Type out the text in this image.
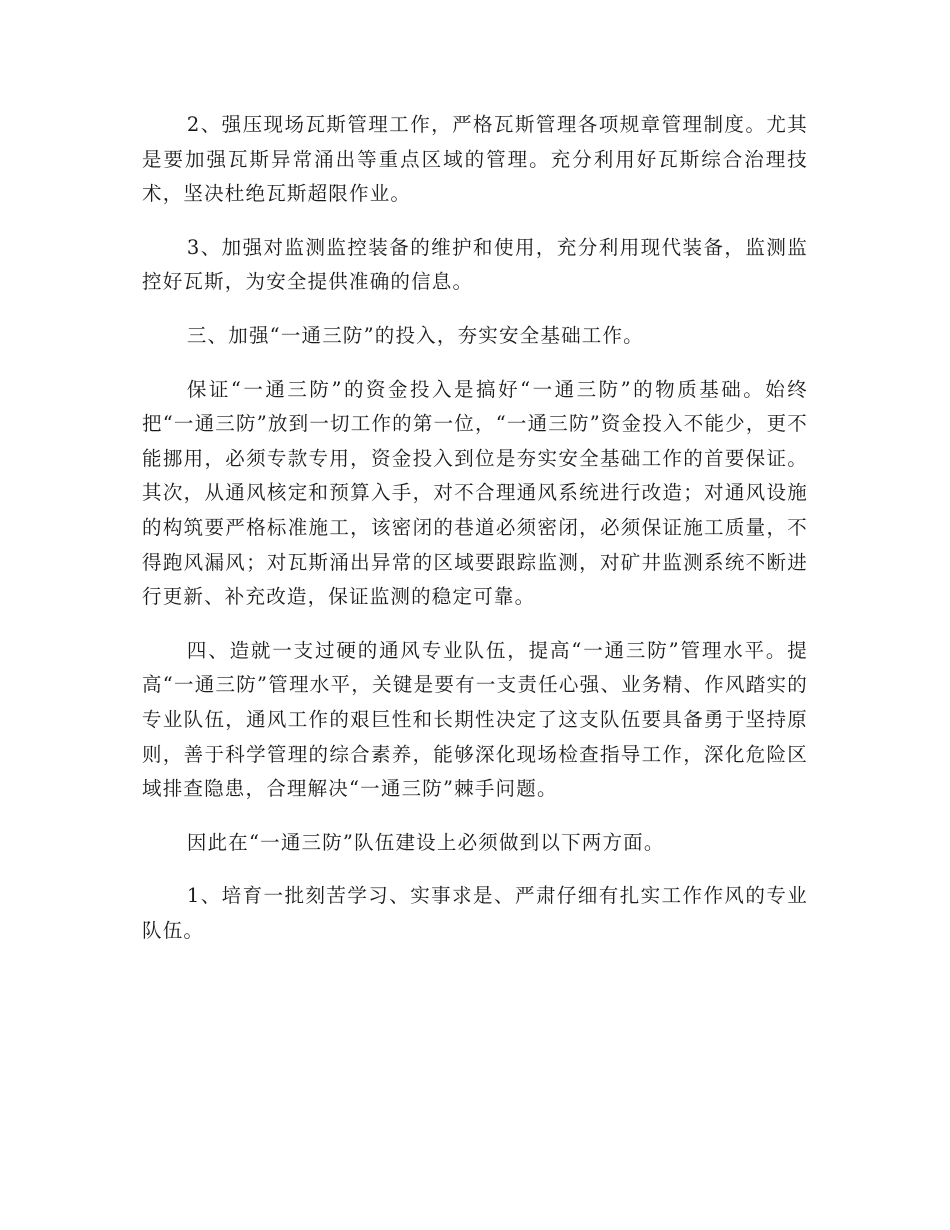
2、强压现场瓦斯管理工作，严格瓦斯管理各项规章管理制度。尤其是要加强瓦斯异常涌出等重点区域的管理。充分利用好瓦斯综合治理技术，坚决杜绝瓦斯超限作业。

3、加强对监测监控装备的维护和使用，充分利用现代装备，监测监控好瓦斯，为安全提供准确的信息。

三、加强“一通三防”的投入，夯实安全基础工作。

保证“一通三防”的资金投入是搞好“一通三防”的物质基础。始终把“一通三防”放到一切工作的第一位，“一通三防”资金投入不能少，更不能挪用，必须专款专用，资金投入到位是夯实安全基础工作的首要保证。其次，从通风核定和预算入手，对不合理通风系统进行改造；对通风设施的构筑要严格标准施工，该密闭的巷道必须密闭，必须保证施工质量，不得跑风漏风；对瓦斯涌出异常的区域要跟踪监测，对矿井监测系统不断进行更新、补充改造，保证监测的稳定可靠。

四、造就一支过硬的通风专业队伍，提高“一通三防”管理水平。提高“一通三防”管理水平，关键是要有一支责任心强、业务精、作风踏实的专业队伍，通风工作的艰巨性和长期性决定了这支队伍要具备勇于坚持原则，善于科学管理的综合素养，能够深化现场检查指导工作，深化危险区域排查隐患，合理解决“一通三防”棘手问题。

因此在“一通三防”队伍建设上必须做到以下两方面。

1、培育一批刻苦学习、实事求是、严肃仔细有扎实工作作风的专业队伍。
